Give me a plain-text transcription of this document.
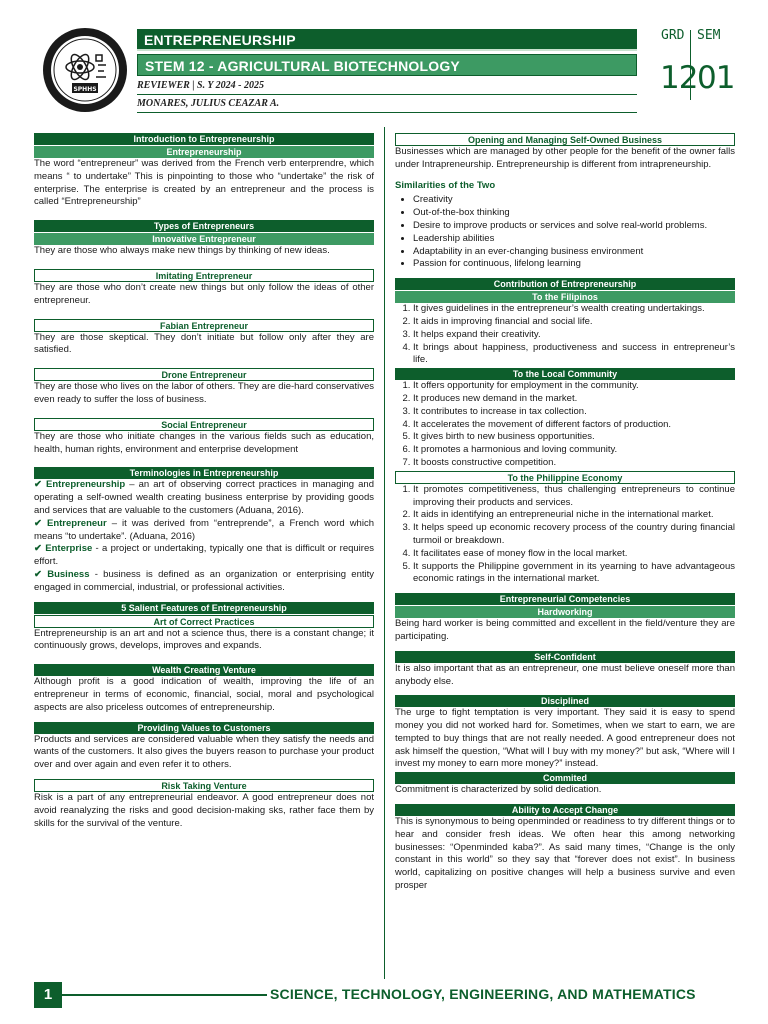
SPHHS
ENTREPRENEURSHIP
STEM 12 - AGRICULTURAL BIOTECHNOLOGY
REVIEWER | S. Y 2024 - 2025
MONARES, JULIUS CEAZAR A.
GRD SEM
12 01
Introduction to Entrepreneurship
Entrepreneurship
The word “entrepreneur” was derived from the French verb enterprendre, which means “ to undertake” This is pinpointing to those who “undertake” the risk of enterprise. The enterprise is created by an entrepreneur and the process is called “Entrepreneurship”
Types of Entrepreneurs
Innovative Entrepreneur
They are those who always make new things by thinking of new ideas.
Imitating Entrepreneur
They are those who don’t create new things but only follow the ideas of other entrepreneur.
Fabian Entrepreneur
They are those skeptical. They don’t initiate but follow only after they are satisfied.
Drone Entrepreneur
They are those who lives on the labor of others. They are die-hard conservatives even ready to suffer the loss of business.
Social Entrepreneur
They are those who initiate changes in the various fields such as education, health, human rights, environment and enterprise development
Terminologies in Entrepreneurship
✔ Entrepreneurship – an art of observing correct practices in managing and operating a self-owned wealth creating business enterprise by providing goods and services that are valuable to the customers (Aduana, 2016).
✔ Entrepreneur – it was derived from “entreprende”, a French word which means “to undertake”. (Aduana, 2016)
✔ Enterprise - a project or undertaking, typically one that is difficult or requires effort.
✔ Business - business is defined as an organization or enterprising entity engaged in commercial, industrial, or professional activities.
5 Salient Features of Entrepreneurship
Art of Correct Practices
Entrepreneurship is an art and not a science thus, there is a constant change; it continuously grows, develops, improves and expands.
Wealth Creating Venture
Although profit is a good indication of wealth, improving the life of an entrepreneur in terms of economic, financial, social, moral and psychological aspects are also priceless outcomes of entrepreneurship.
Providing Values to Customers
Products and services are considered valuable when they satisfy the needs and wants of the customers. It also gives the buyers reason to purchase your product over and over again and even refer it to others.
Risk Taking Venture
Risk is a part of any entrepreneurial endeavor. A good entrepreneur does not avoid reanalyzing the risks and good decision-making sks, rather face them by skills for the survival of the venture.
Opening and Managing Self-Owned Business
Businesses which are managed by other people for the benefit of the owner falls under Intrapreneurship. Entrepreneurship is different from intrapreneurship.
Similarities of the Two
• Creativity
• Out-of-the-box thinking
• Desire to improve products or services and solve real-world problems.
• Leadership abilities
• Adaptability in an ever-changing business environment
• Passion for continuous, lifelong learning
Contribution of Entrepreneurship
To the Filipinos
1. It gives guidelines in the entrepreneur’s wealth creating undertakings.
2. It aids in improving financial and social life.
3. It helps expand their creativity.
4. It brings about happiness, productiveness and success in entrepreneur’s life.
To the Local Community
1. It offers opportunity for employment in the community.
2. It produces new demand in the market.
3. It contributes to increase in tax collection.
4. It accelerates the movement of different factors of production.
5. It gives birth to new business opportunities.
6. It promotes a harmonious and loving community.
7. It boosts constructive competition.
To the Philippine Economy
1. It promotes competitiveness, thus challenging entrepreneurs to continue improving their products and services.
2. It aids in identifying an entrepreneurial niche in the international market.
3. It helps speed up economic recovery process of the country during financial turmoil or breakdown.
4. It facilitates ease of money flow in the local market.
5. It supports the Philippine government in its yearning to have advantageous economic ratings in the international market.
Entrepreneurial Competencies
Hardworking
Being hard worker is being committed and excellent in the field/venture they are participating.
Self-Confident
It is also important that as an entrepreneur, one must believe oneself more than anybody else.
Disciplined
The urge to fight temptation is very important. They said it is easy to spend money you did not worked hard for. Sometimes, when we start to earn, we are tempted to buy things that are not really needed. A good entrepreneur does not ask himself the question, “What will I buy with my money?” but ask, “Where will I invest my money to earn more money?” instead.
Commited
Commitment is characterized by solid dedication.
Ability to Accept Change
This is synonymous to being openminded or readiness to try different things or to hear and consider fresh ideas. We often hear this among networking businesses: “Openminded kaba?”. As said many times, “Change is the only constant in this world” so they say that “forever does not exist”. In business world, capitalizing on positive changes will help a business survive and even prosper
1	SCIENCE, TECHNOLOGY, ENGINEERING, AND MATHEMATICS
